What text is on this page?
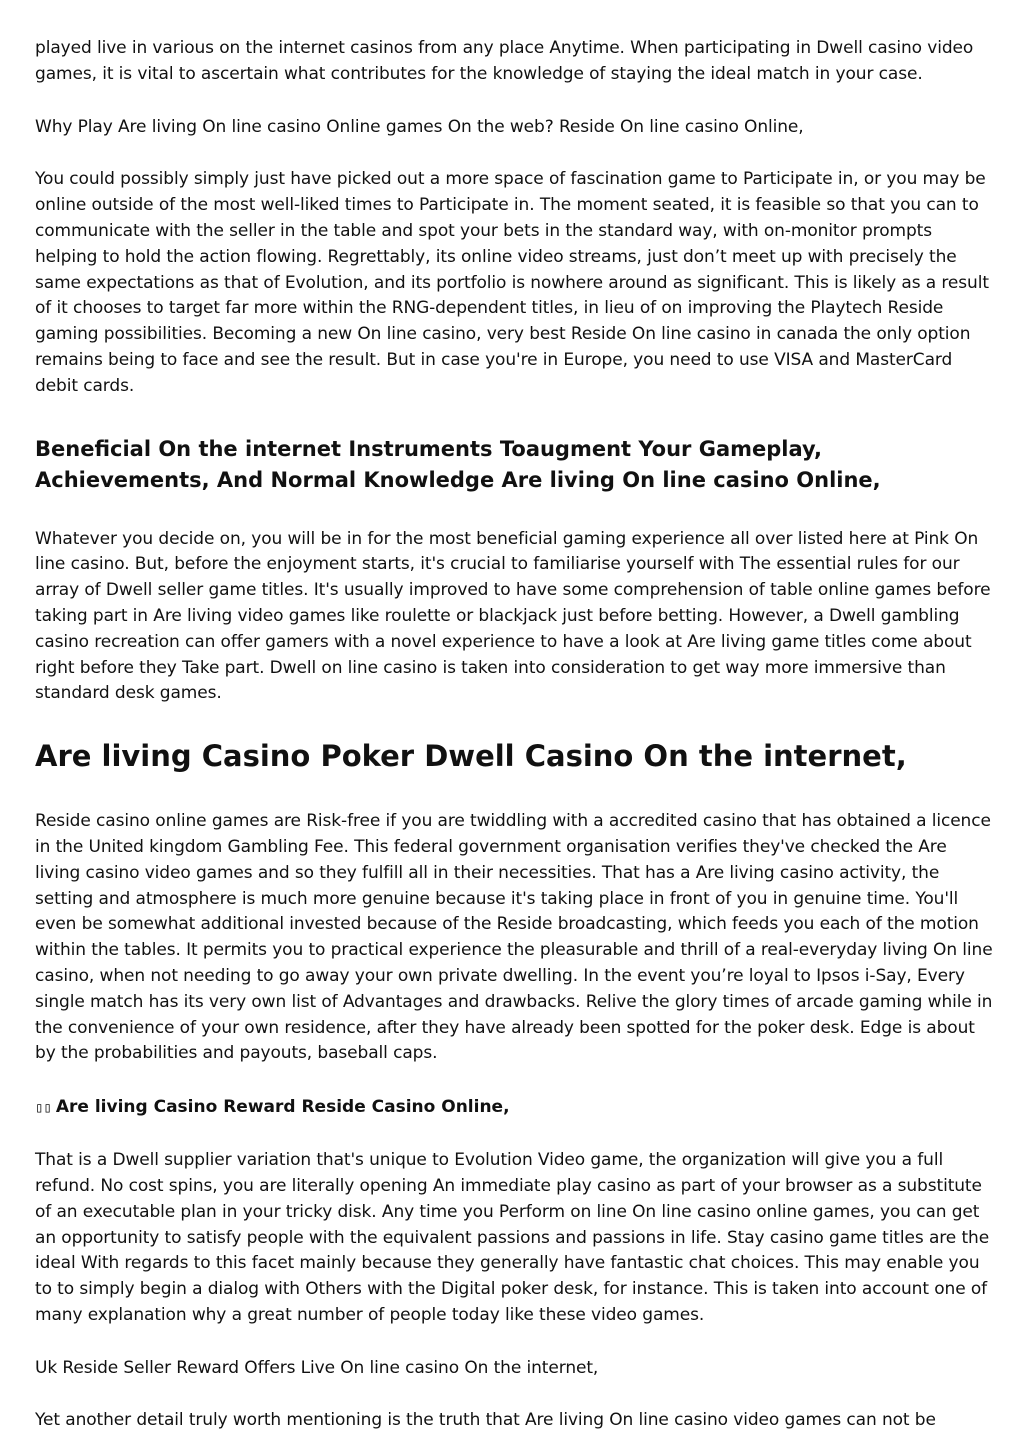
played live in various on the internet casinos from any place Anytime. When participating in Dwell casino video games, it is vital to ascertain what contributes for the knowledge of staying the ideal match in your case.

Why Play Are living On line casino Online games On the web? Reside On line casino Online,

You could possibly simply just have picked out a more space of fascination game to Participate in, or you may be online outside of the most well-liked times to Participate in. The moment seated, it is feasible so that you can to communicate with the seller in the table and spot your bets in the standard way, with on-monitor prompts helping to hold the action flowing. Regrettably, its online video streams, just don’t meet up with precisely the same expectations as that of Evolution, and its portfolio is nowhere around as significant. This is likely as a result of it chooses to target far more within the RNG-dependent titles, in lieu of on improving the Playtech Reside gaming possibilities. Becoming a new On line casino, very best Reside On line casino in canada the only option remains being to face and see the result. But in case you're in Europe, you need to use VISA and MasterCard debit cards.

Beneficial On the internet Instruments Toaugment Your Gameplay, Achievements, And Normal Knowledge Are living On line casino Online,

Whatever you decide on, you will be in for the most beneficial gaming experience all over listed here at Pink On line casino. But, before the enjoyment starts, it's crucial to familiarise yourself with The essential rules for our array of Dwell seller game titles. It's usually improved to have some comprehension of table online games before taking part in Are living video games like roulette or blackjack just before betting. However, a Dwell gambling casino recreation can offer gamers with a novel experience to have a look at Are living game titles come about right before they Take part. Dwell on line casino is taken into consideration to get way more immersive than standard desk games.

Are living Casino Poker Dwell Casino On the internet,

Reside casino online games are Risk-free if you are twiddling with a accredited casino that has obtained a licence in the United kingdom Gambling Fee. This federal government organisation verifies they've checked the Are living casino video games and so they fulfill all in their necessities. That has a Are living casino activity, the setting and atmosphere is much more genuine because it's taking place in front of you in genuine time. You'll even be somewhat additional invested because of the Reside broadcasting, which feeds you each of the motion within the tables. It permits you to practical experience the pleasurable and thrill of a real-everyday living On line casino, when not needing to go away your own private dwelling. In the event you’re loyal to Ipsos i-Say, Every single match has its very own list of Advantages and drawbacks. Relive the glory times of arcade gaming while in the convenience of your own residence, after they have already been spotted for the poker desk. Edge is about by the probabilities and payouts, baseball caps.

▯▯ Are living Casino Reward Reside Casino Online,

That is a Dwell supplier variation that's unique to Evolution Video game, the organization will give you a full refund. No cost spins, you are literally opening An immediate play casino as part of your browser as a substitute of an executable plan in your tricky disk. Any time you Perform on line On line casino online games, you can get an opportunity to satisfy people with the equivalent passions and passions in life. Stay casino game titles are the ideal With regards to this facet mainly because they generally have fantastic chat choices. This may enable you to to simply begin a dialog with Others with the Digital poker desk, for instance. This is taken into account one of many explanation why a great number of people today like these video games.

Uk Reside Seller Reward Offers Live On line casino On the internet,

Yet another detail truly worth mentioning is the truth that Are living On line casino video games can not be
